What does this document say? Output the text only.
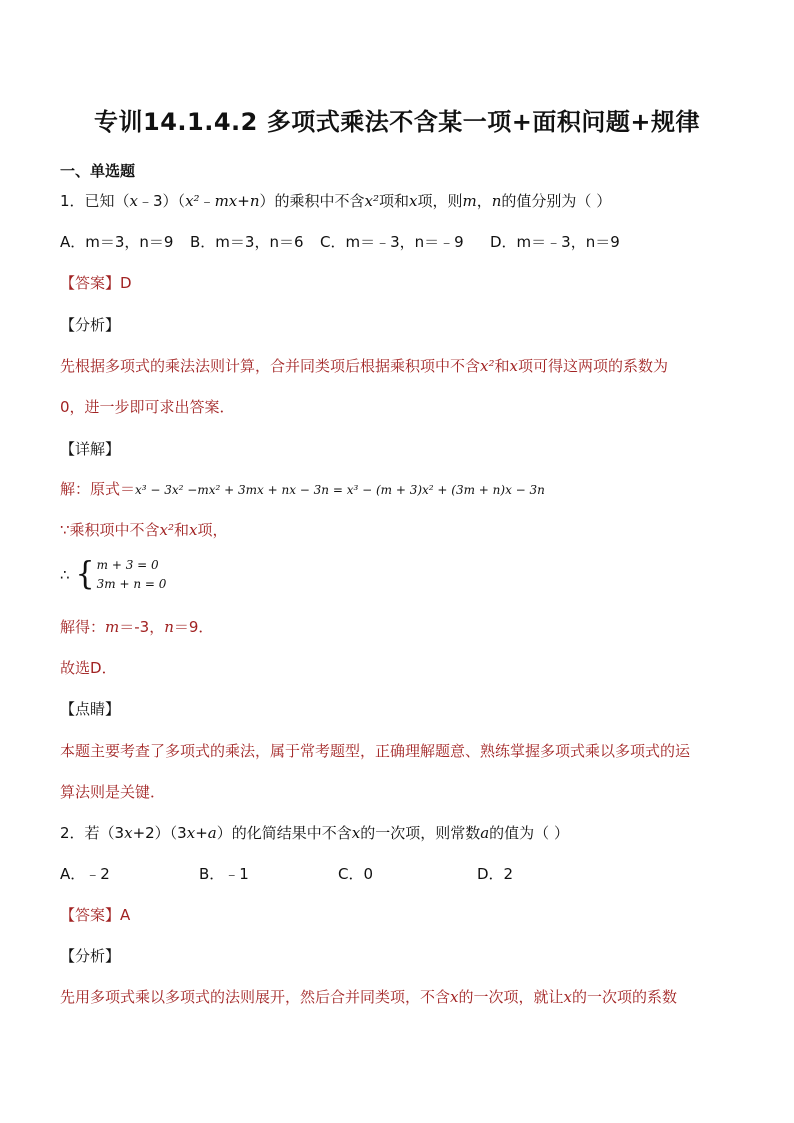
专训14.1.4.2 多项式乘法不含某一项+面积问题+规律
一、单选题
1．已知（x﹣3）（x²﹣mx+n）的乘积中不含x²项和x项，则m，n的值分别为（ ）
A．m＝3，n＝9 B．m＝3，n＝6 C．m＝﹣3，n＝﹣9 D．m＝﹣3，n＝9
【答案】D
【分析】
先根据多项式的乘法法则计算，合并同类项后根据乘积项中不含x²和x项可得这两项的系数为
0，进一步即可求出答案．
【详解】
解：原式＝x³ − 3x² −mx² + 3mx + nx − 3n = x³ − (m + 3)x² + (3m + n)x − 3n
∵乘积项中不含x²和x项，
∴ { m + 3 = 0
3m + n = 0
解得：m＝-3，n＝9．
故选D．
【点睛】
本题主要考查了多项式的乘法，属于常考题型，正确理解题意、熟练掌握多项式乘以多项式的运
算法则是关键．
2．若（3x+2）（3x+a）的化简结果中不含x的一次项，则常数a的值为（ ）
A．﹣2	B．﹣1	C．0	D．2
【答案】A
【分析】
先用多项式乘以多项式的法则展开，然后合并同类项，不含x的一次项，就让x的一次项的系数
